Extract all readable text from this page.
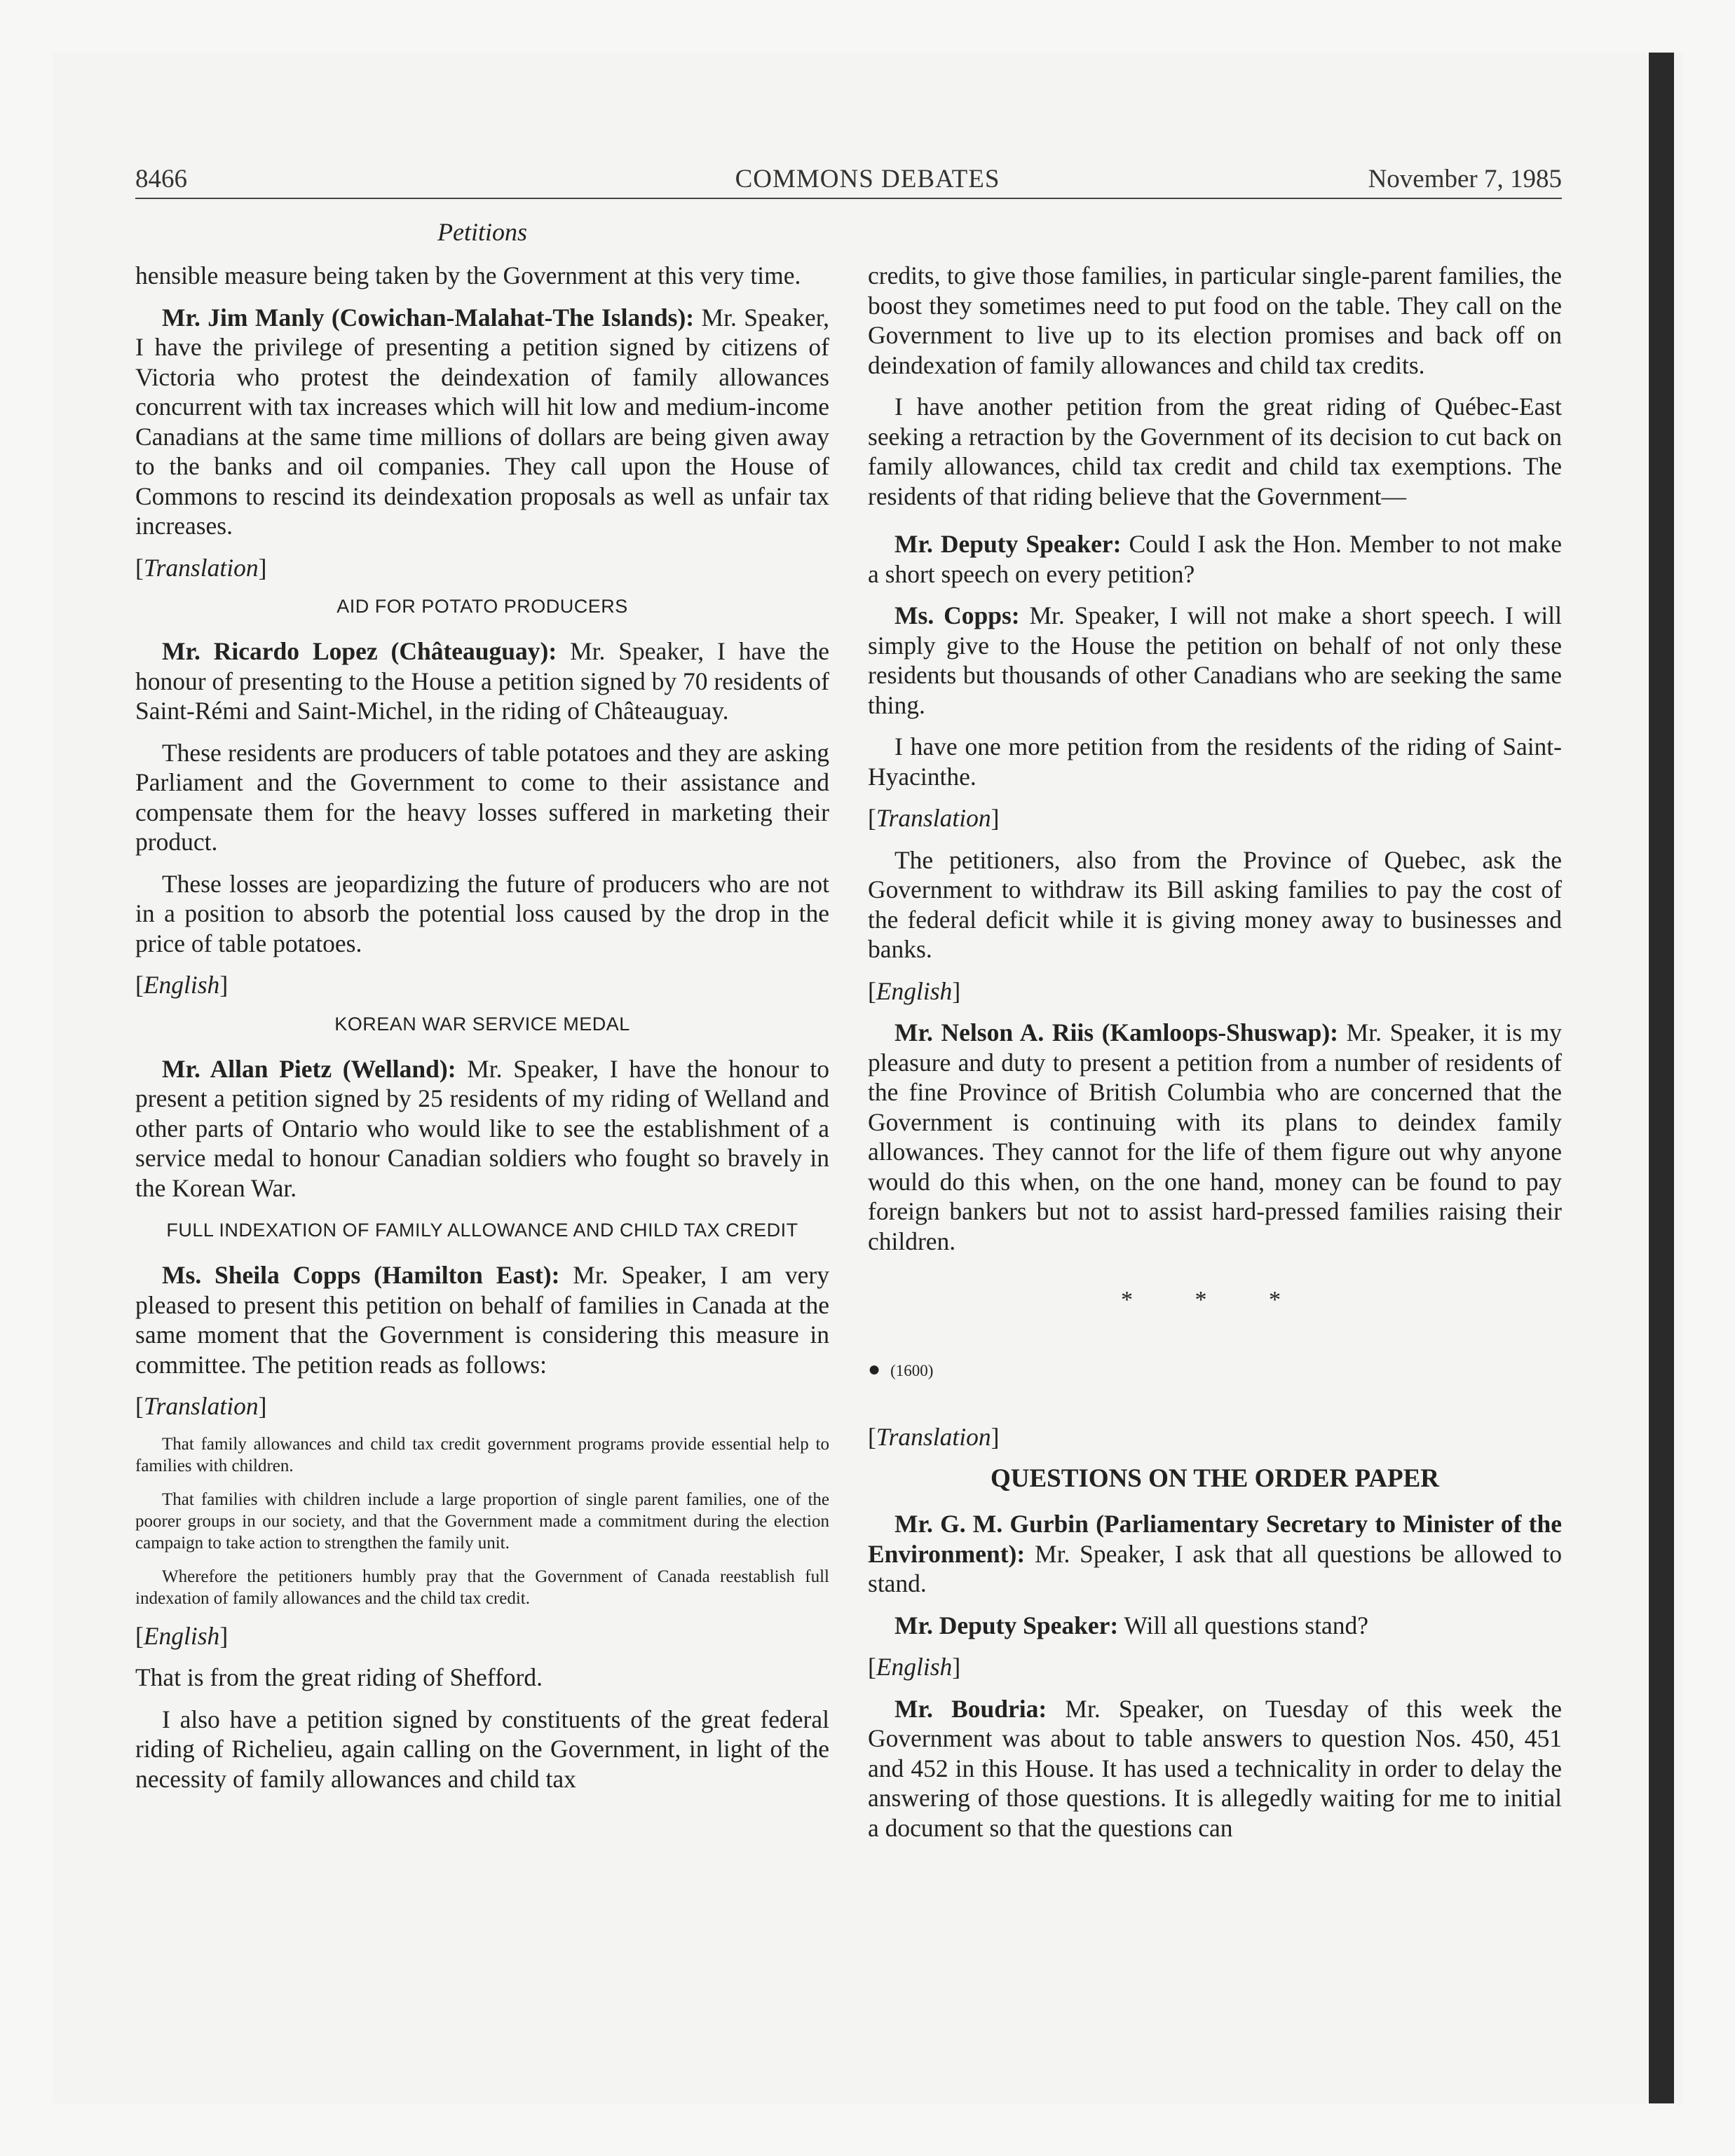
8466	COMMONS DEBATES	November 7, 1985
Petitions

hensible measure being taken by the Government at this very time.

Mr. Jim Manly (Cowichan-Malahat-The Islands): Mr. Speaker, I have the privilege of presenting a petition signed by citizens of Victoria who protest the deindexation of family allowances concurrent with tax increases which will hit low and medium-income Canadians at the same time millions of dollars are being given away to the banks and oil companies. They call upon the House of Commons to rescind its deindexation proposals as well as unfair tax increases.

[Translation]

AID FOR POTATO PRODUCERS

Mr. Ricardo Lopez (Châteauguay): Mr. Speaker, I have the honour of presenting to the House a petition signed by 70 residents of Saint-Rémi and Saint-Michel, in the riding of Châteauguay.

These residents are producers of table potatoes and they are asking Parliament and the Government to come to their assistance and compensate them for the heavy losses suffered in marketing their product.

These losses are jeopardizing the future of producers who are not in a position to absorb the potential loss caused by the drop in the price of table potatoes.

[English]

KOREAN WAR SERVICE MEDAL

Mr. Allan Pietz (Welland): Mr. Speaker, I have the honour to present a petition signed by 25 residents of my riding of Welland and other parts of Ontario who would like to see the establishment of a service medal to honour Canadian soldiers who fought so bravely in the Korean War.

FULL INDEXATION OF FAMILY ALLOWANCE AND CHILD TAX CREDIT

Ms. Sheila Copps (Hamilton East): Mr. Speaker, I am very pleased to present this petition on behalf of families in Canada at the same moment that the Government is considering this measure in committee. The petition reads as follows:

[Translation]

That family allowances and child tax credit government programs provide essential help to families with children.

That families with children include a large proportion of single parent families, one of the poorer groups in our society, and that the Government made a commitment during the election campaign to take action to strengthen the family unit.

Wherefore the petitioners humbly pray that the Government of Canada reestablish full indexation of family allowances and the child tax credit.

[English]

That is from the great riding of Shefford.

I also have a petition signed by constituents of the great federal riding of Richelieu, again calling on the Government, in light of the necessity of family allowances and child tax

credits, to give those families, in particular single-parent families, the boost they sometimes need to put food on the table. They call on the Government to live up to its election promises and back off on deindexation of family allowances and child tax credits.

I have another petition from the great riding of Québec-East seeking a retraction by the Government of its decision to cut back on family allowances, child tax credit and child tax exemptions. The residents of that riding believe that the Government—

Mr. Deputy Speaker: Could I ask the Hon. Member to not make a short speech on every petition?

Ms. Copps: Mr. Speaker, I will not make a short speech. I will simply give to the House the petition on behalf of not only these residents but thousands of other Canadians who are seeking the same thing.

I have one more petition from the residents of the riding of Saint-Hyacinthe.

[Translation]

The petitioners, also from the Province of Quebec, ask the Government to withdraw its Bill asking families to pay the cost of the federal deficit while it is giving money away to businesses and banks.

[English]

Mr. Nelson A. Riis (Kamloops-Shuswap): Mr. Speaker, it is my pleasure and duty to present a petition from a number of residents of the fine Province of British Columbia who are concerned that the Government is continuing with its plans to deindex family allowances. They cannot for the life of them figure out why anyone would do this when, on the one hand, money can be found to pay foreign bankers but not to assist hard-pressed families raising their children.

* * *
● (1600)

[Translation]

QUESTIONS ON THE ORDER PAPER

Mr. G. M. Gurbin (Parliamentary Secretary to Minister of the Environment): Mr. Speaker, I ask that all questions be allowed to stand.

Mr. Deputy Speaker: Will all questions stand?

[English]

Mr. Boudria: Mr. Speaker, on Tuesday of this week the Government was about to table answers to question Nos. 450, 451 and 452 in this House. It has used a technicality in order to delay the answering of those questions. It is allegedly waiting for me to initial a document so that the questions can
